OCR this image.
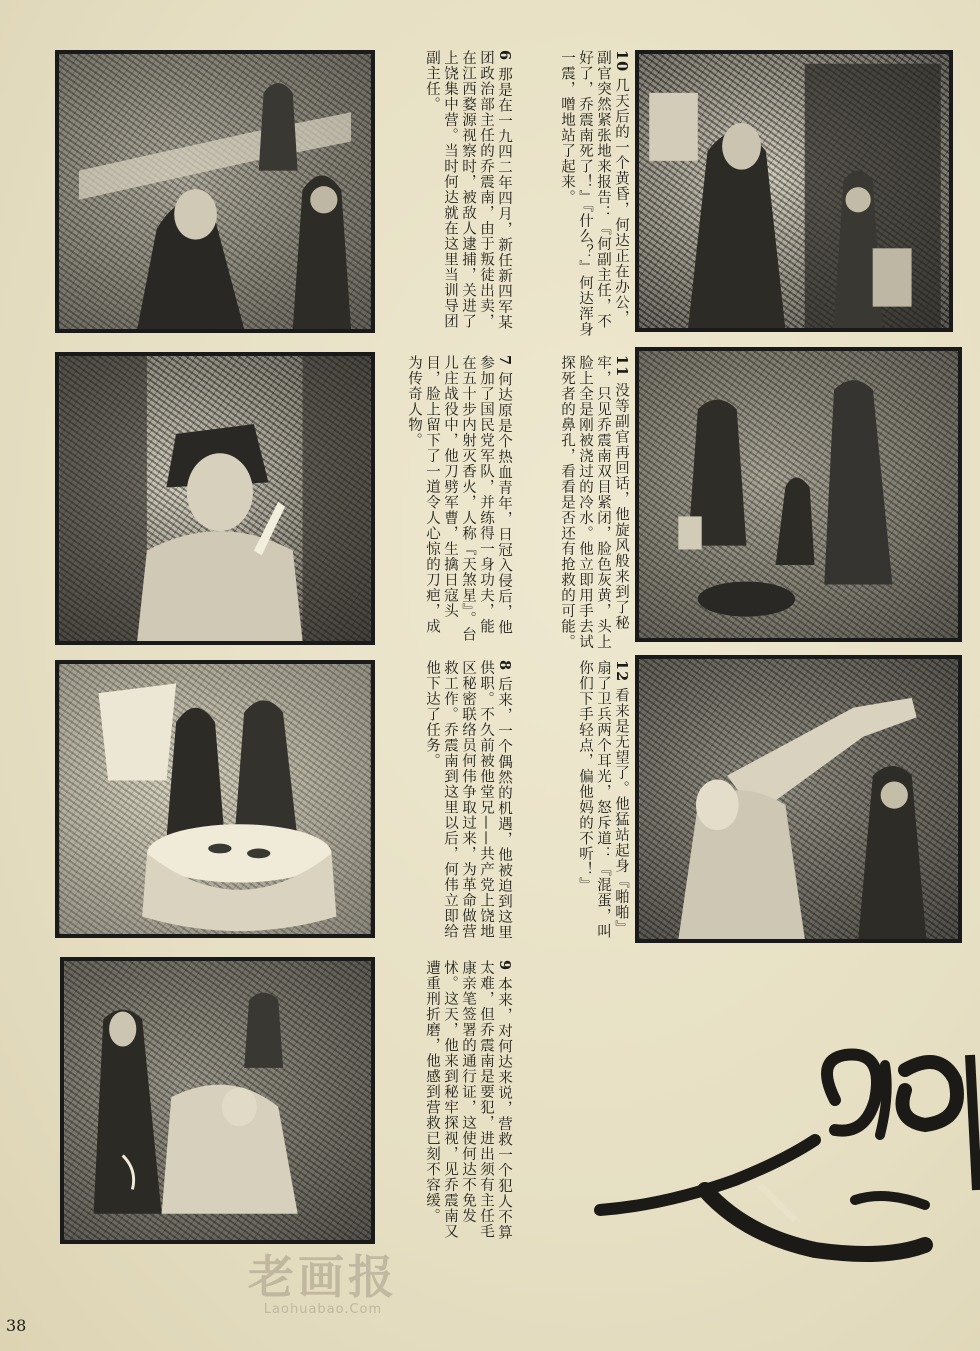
6 那是在一九四二年四月，新任新四军某团政治部主任的乔震南，由于叛徒出卖，在江西婺源视察时，被敌人逮捕，关进了上饶集中营。当时何达就在这里当训导团副主任。	10 几天后的一个黄昏，何达正在办公，副官突然紧张地来报告：『何副主任，不好了，乔震南死了！』『什么？』何达浑身一震，噌地站了起来。
7 何达原是个热血青年，日冠入侵后，他参加了国民党军队，并练得一身功夫，能在五十步内射灭香火，人称『天煞星』。台儿庄战役中，他刀劈军曹，生擒日寇头目，脸上留下了一道令人心惊的刀疤，成为传奇人物。	11 没等副官再回话，他旋风般来到了秘牢，只见乔震南双目紧闭，脸色灰黄，头上脸上全是刚被浇过的冷水。他立即用手去试探死者的鼻孔，看看是否还有抢救的可能。
8 后来，一个偶然的机遇，他被迫到这里供职。不久前被他堂兄——共产党上饶地区秘密联络员何伟争取过来，为革命做营救工作。乔震南到这里以后，何伟立即给他下达了任务。	12 看来是无望了。他猛站起身『啪啪』扇了卫兵两个耳光，怒斥道：『混蛋，叫你们下手轻点，偏他妈的不听！』
9 本来，对何达来说，营救一个犯人不算太难，但乔震南是要犯，进出须有主任毛康亲笔签署的通行证，这使何达不免发怵。这天，他来到秘牢探视，见乔震南又遭重刑折磨，他感到营救已刻不容缓。
老画报
Laohuabao.Com
38
